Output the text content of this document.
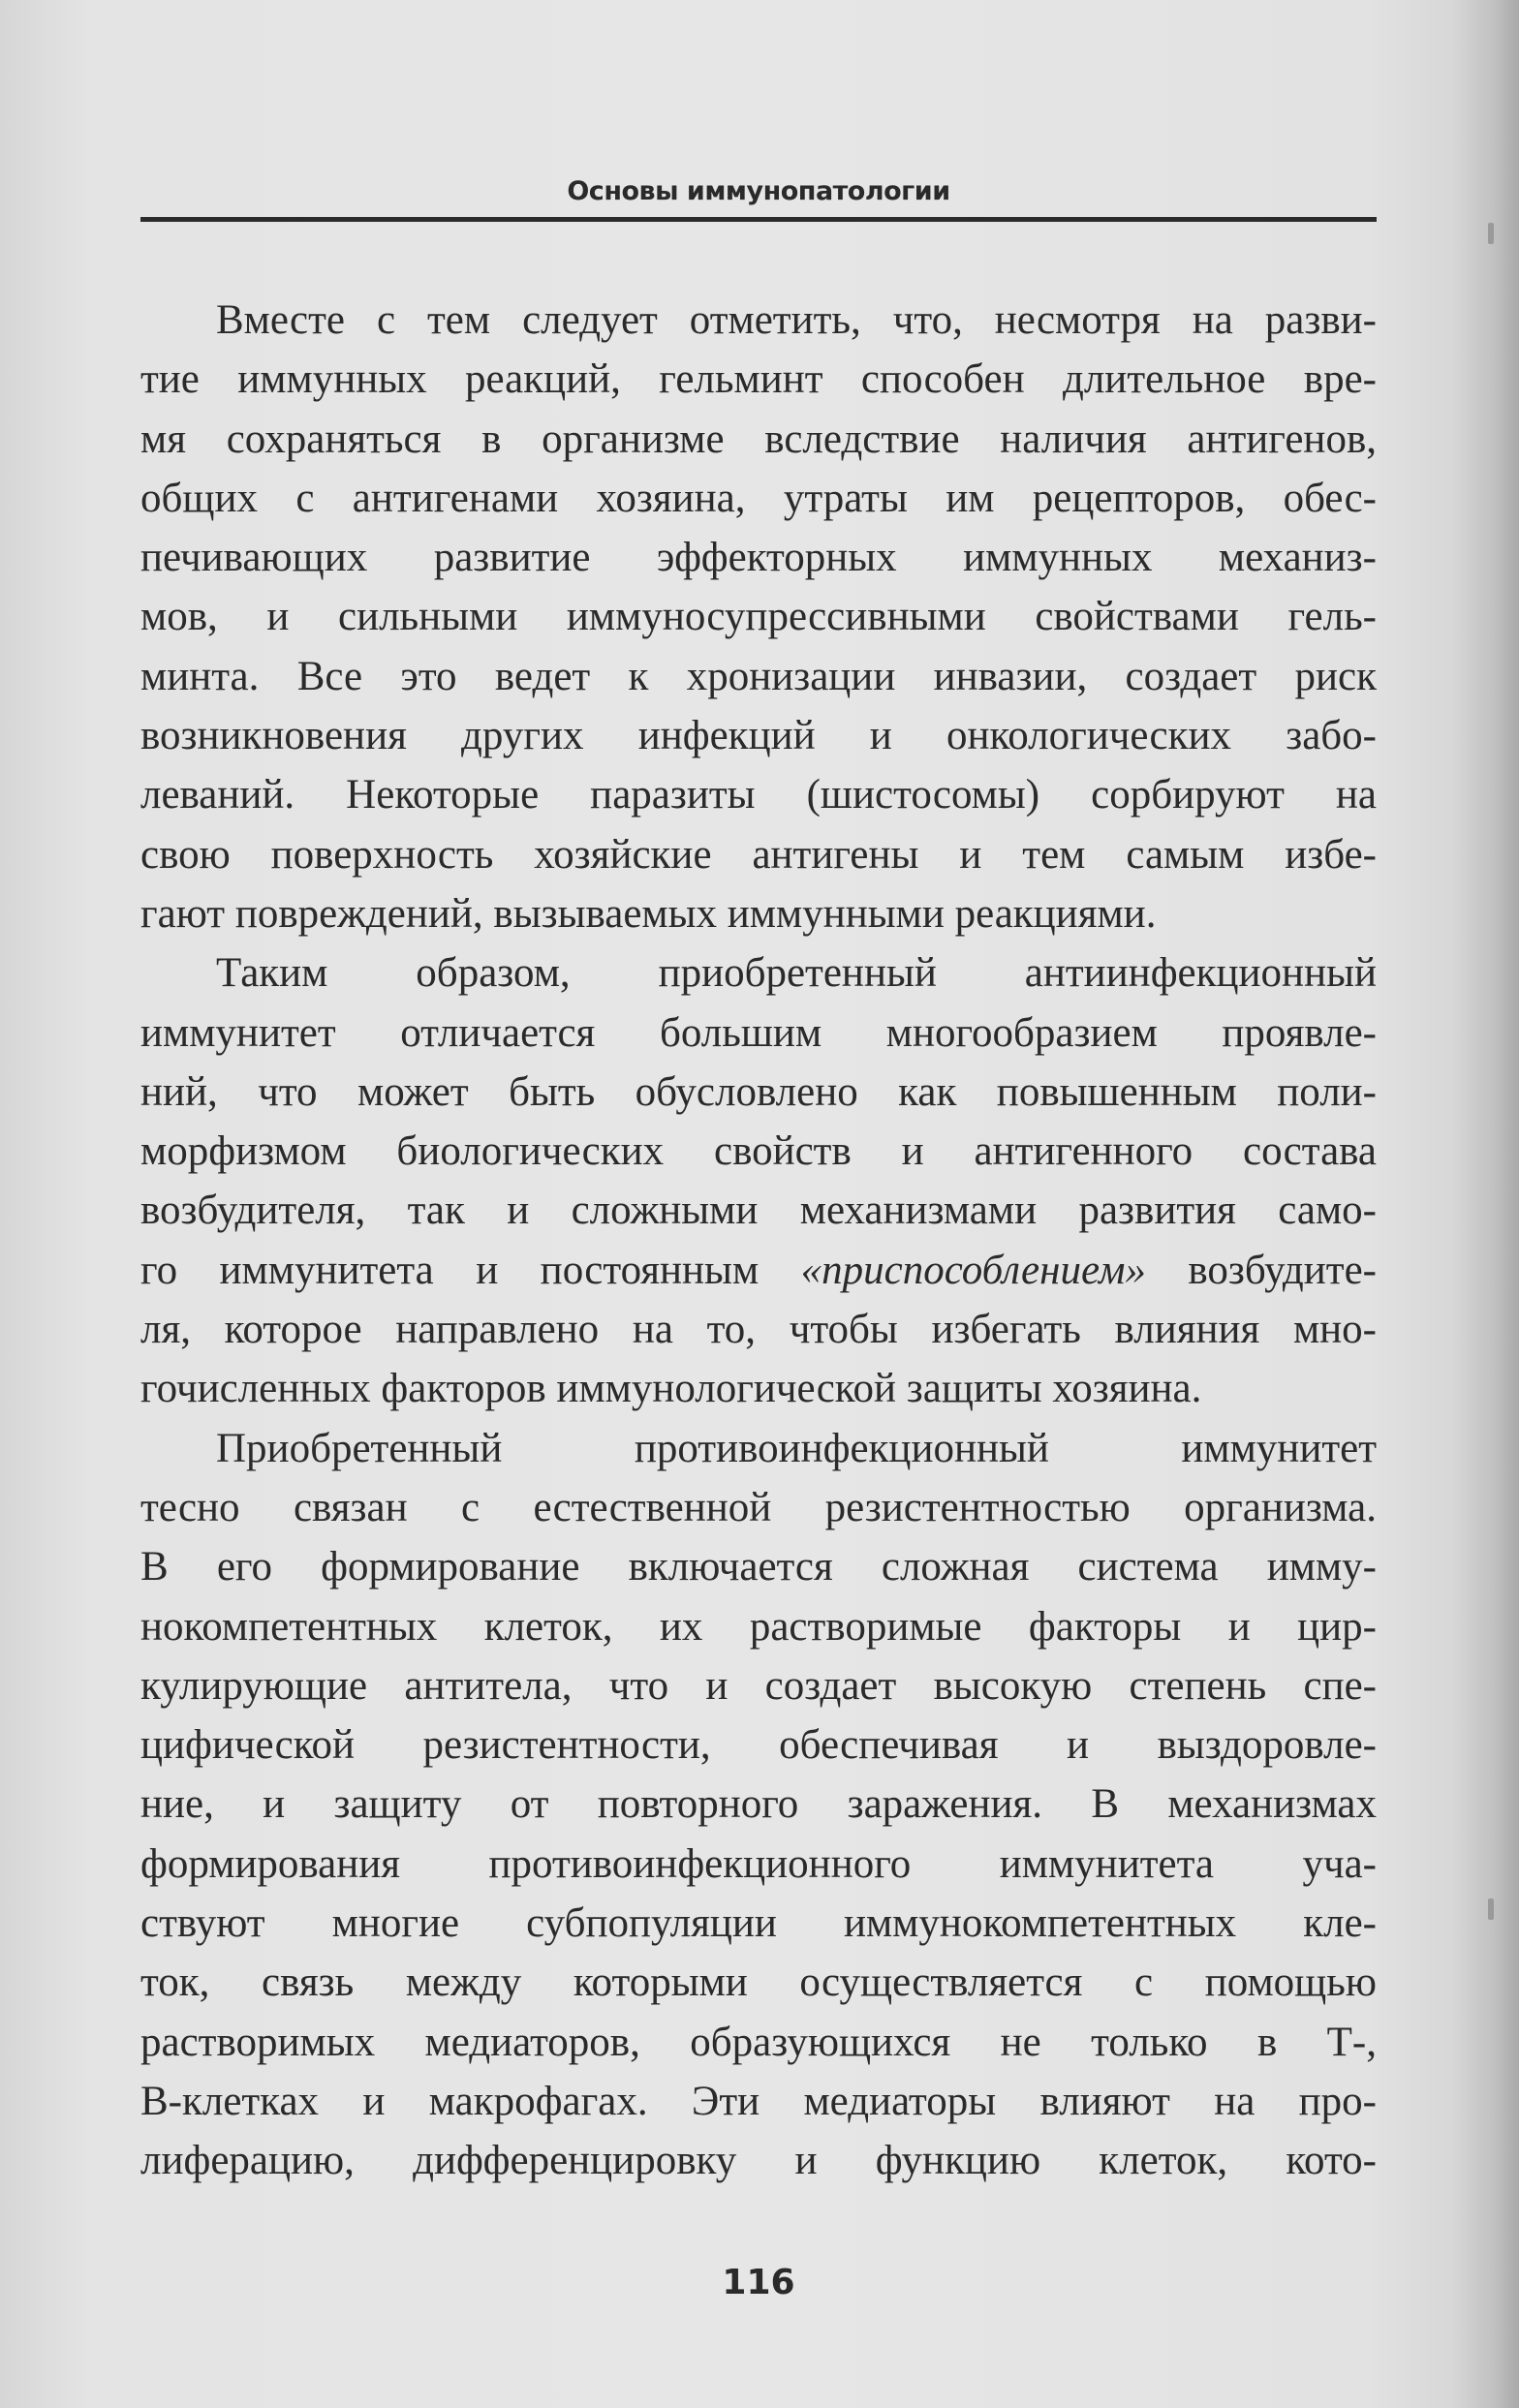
Основы иммунопатологии
Вместе с тем следует отметить, что, несмотря на разви-
тие иммунных реакций, гельминт способен длительное вре-
мя сохраняться в организме вследствие наличия антигенов,
общих с антигенами хозяина, утраты им рецепторов, обес-
печивающих развитие эффекторных иммунных механиз-
мов, и сильными иммуносупрессивными свойствами гель-
минта. Все это ведет к хронизации инвазии, создает риск
возникновения других инфекций и онкологических забо-
леваний. Некоторые паразиты (шистосомы) сорбируют на
свою поверхность хозяйские антигены и тем самым избе-
гают повреждений, вызываемых иммунными реакциями.
Таким образом, приобретенный антиинфекционный
иммунитет отличается большим многообразием проявле-
ний, что может быть обусловлено как повышенным поли-
морфизмом биологических свойств и антигенного состава
возбудителя, так и сложными механизмами развития само-
го иммунитета и постоянным «приспособлением» возбудите-
ля, которое направлено на то, чтобы избегать влияния мно-
гочисленных факторов иммунологической защиты хозяина.
Приобретенный противоинфекционный иммунитет
тесно связан с естественной резистентностью организма.
В его формирование включается сложная система имму-
нокомпетентных клеток, их растворимые факторы и цир-
кулирующие антитела, что и создает высокую степень спе-
цифической резистентности, обеспечивая и выздоровле-
ние, и защиту от повторного заражения. В механизмах
формирования противоинфекционного иммунитета уча-
ствуют многие субпопуляции иммунокомпетентных кле-
ток, связь между которыми осуществляется с помощью
растворимых медиаторов, образующихся не только в Т-,
В-клетках и макрофагах. Эти медиаторы влияют на про-
лиферацию, дифференцировку и функцию клеток, кото-
116
